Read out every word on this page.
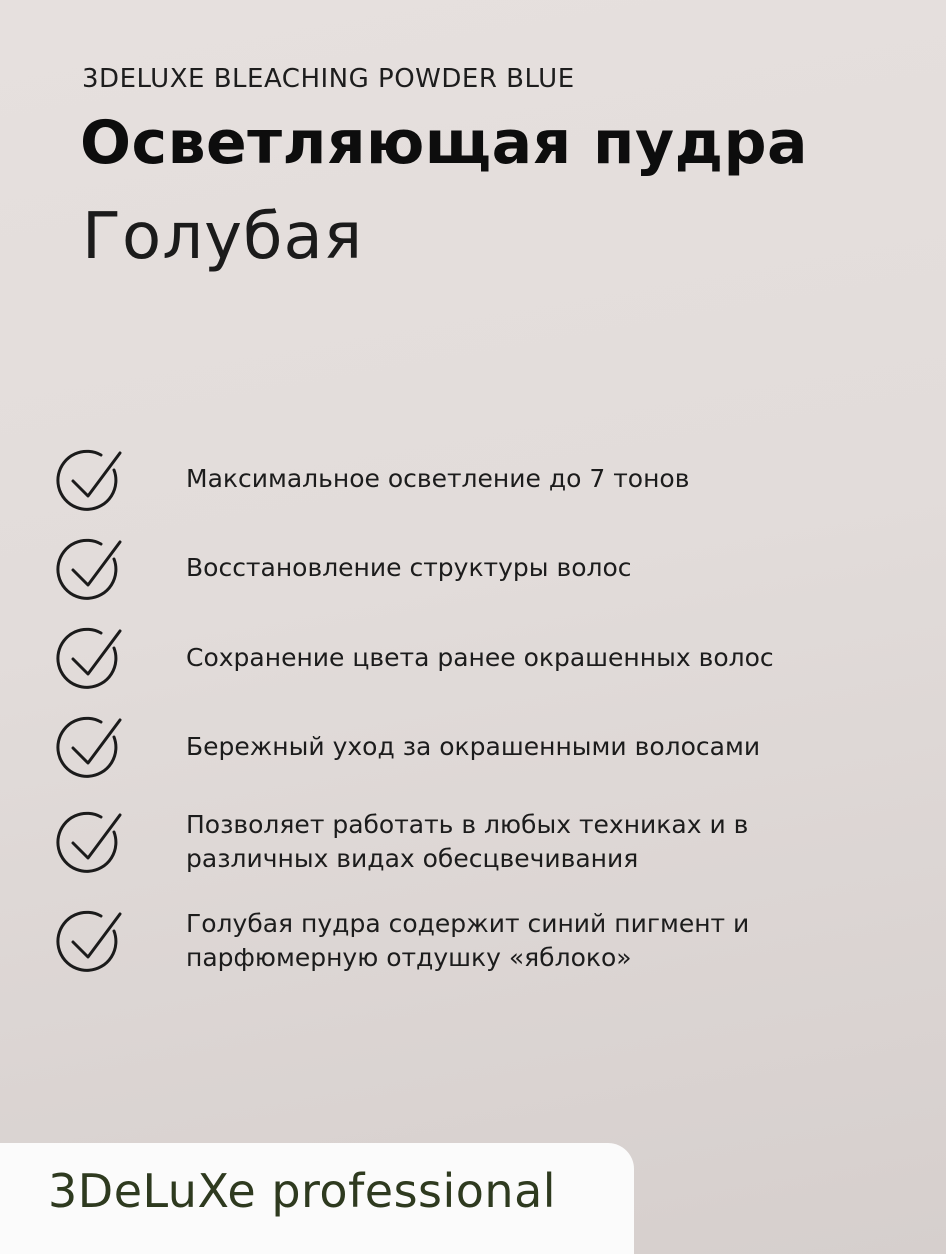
3DELUXE BLEACHING POWDER BLUE
Осветляющая пудра
Голубая
Максимальное осветление до 7 тонов
Восстановление структуры волос
Сохранение цвета ранее окрашенных волос
Бережный уход за окрашенными волосами
Позволяет работать в любых техниках и в различных видах обесцвечивания
Голубая пудра содержит синий пигмент и парфюмерную отдушку «яблоко»
3DeLuXe professional
